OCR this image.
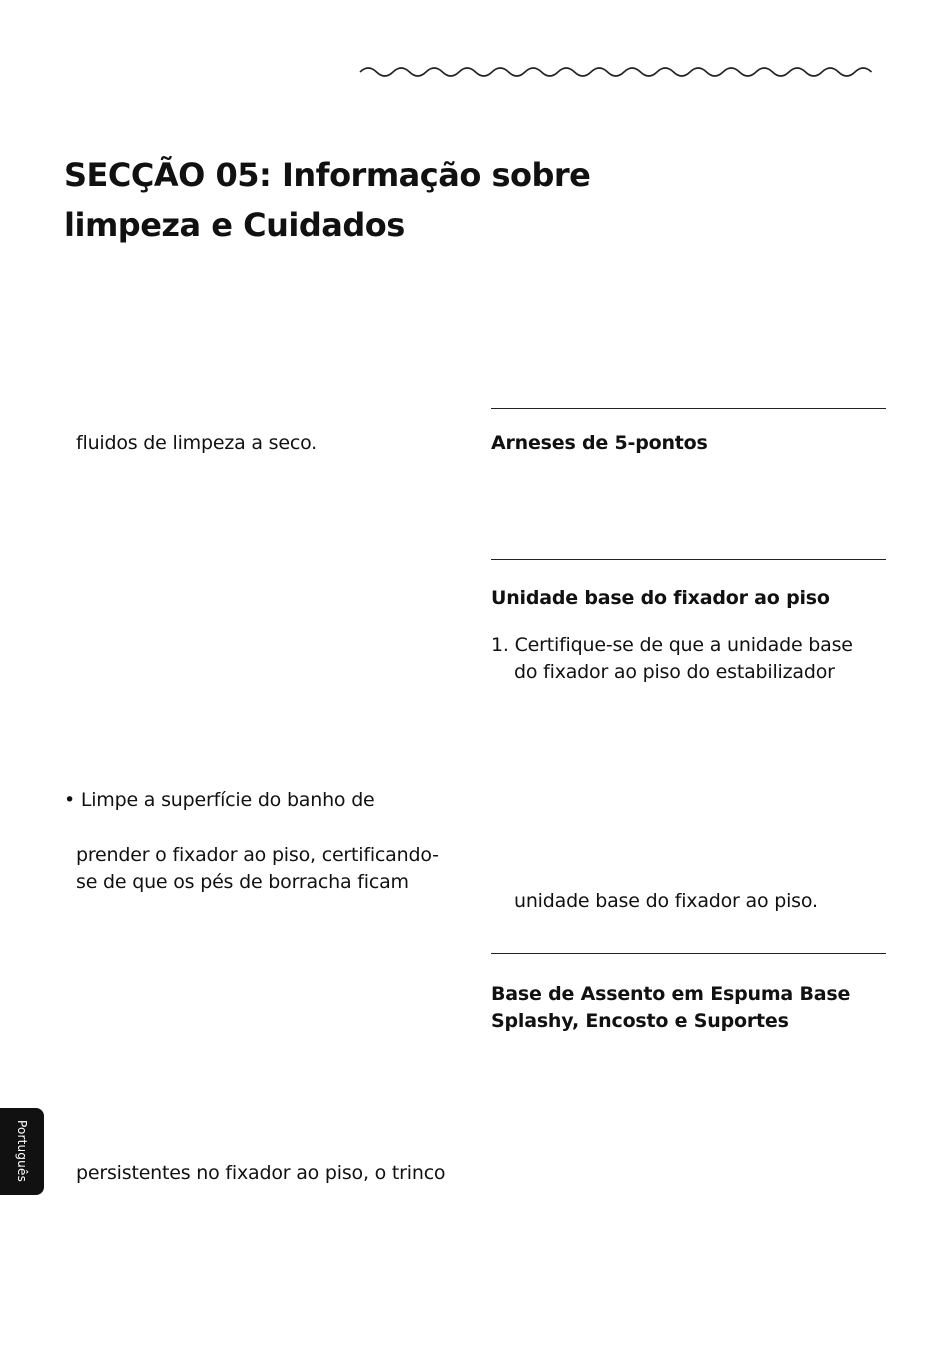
SECÇÃO 05: Informação sobre
limpeza e Cuidados
fluidos de limpeza a seco.
• Limpe a superfície do banho de
prender o fixador ao piso, certificando-
se de que os pés de borracha ficam
persistentes no fixador ao piso, o trinco
Arneses de 5-pontos
Unidade base do fixador ao piso
1. Certifique-se de que a unidade base
do fixador ao piso do estabilizador
unidade base do fixador ao piso.
Base de Assento em Espuma Base
Splashy, Encosto e Suportes
Português
